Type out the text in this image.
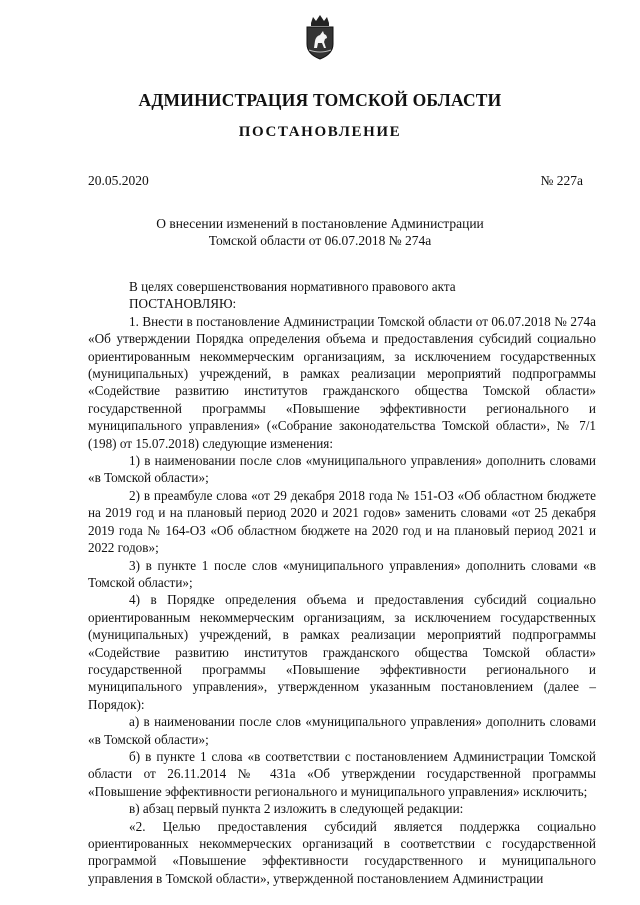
АДМИНИСТРАЦИЯ ТОМСКОЙ ОБЛАСТИ
ПОСТАНОВЛЕНИЕ
20.05.2020	№ 227а
О внесении изменений в постановление Администрации
Томской области от 06.07.2018 № 274а

В целях совершенствования нормативного правового акта

ПОСТАНОВЛЯЮ:

1. Внести в постановление Администрации Томской области от 06.07.2018 № 274а «Об утверждении Порядка определения объема и предоставления субсидий социально ориентированным некоммерческим организациям, за исключением государственных (муниципальных) учреждений, в рамках реализации мероприятий подпрограммы «Содействие развитию институтов гражданского общества Томской области» государственной программы «Повышение эффективности регионального и муниципального управления» («Собрание законодательства Томской области», № 7/1 (198) от 15.07.2018) следующие изменения:

1) в наименовании после слов «муниципального управления» дополнить словами «в Томской области»;

2) в преамбуле слова «от 29 декабря 2018 года № 151-ОЗ «Об областном бюджете на 2019 год и на плановый период 2020 и 2021 годов» заменить словами «от 25 декабря 2019 года № 164-ОЗ «Об областном бюджете на 2020 год и на плановый период 2021 и 2022 годов»;

3) в пункте 1 после слов «муниципального управления» дополнить словами «в Томской области»;

4) в Порядке определения объема и предоставления субсидий социально ориентированным некоммерческим организациям, за исключением государственных (муниципальных) учреждений, в рамках реализации мероприятий подпрограммы «Содействие развитию институтов гражданского общества Томской области» государственной программы «Повышение эффективности регионального и муниципального управления», утвержденном указанным постановлением (далее – Порядок):

а) в наименовании после слов «муниципального управления» дополнить словами «в Томской области»;

б) в пункте 1 слова «в соответствии с постановлением Администрации Томской области от 26.11.2014 № 431а «Об утверждении государственной программы «Повышение эффективности регионального и муниципального управления» исключить;

в) абзац первый пункта 2 изложить в следующей редакции:

«2. Целью предоставления субсидий является поддержка социально ориентированных некоммерческих организаций в соответствии с государственной программой «Повышение эффективности государственного и муниципального управления в Томской области», утвержденной постановлением Администрации
